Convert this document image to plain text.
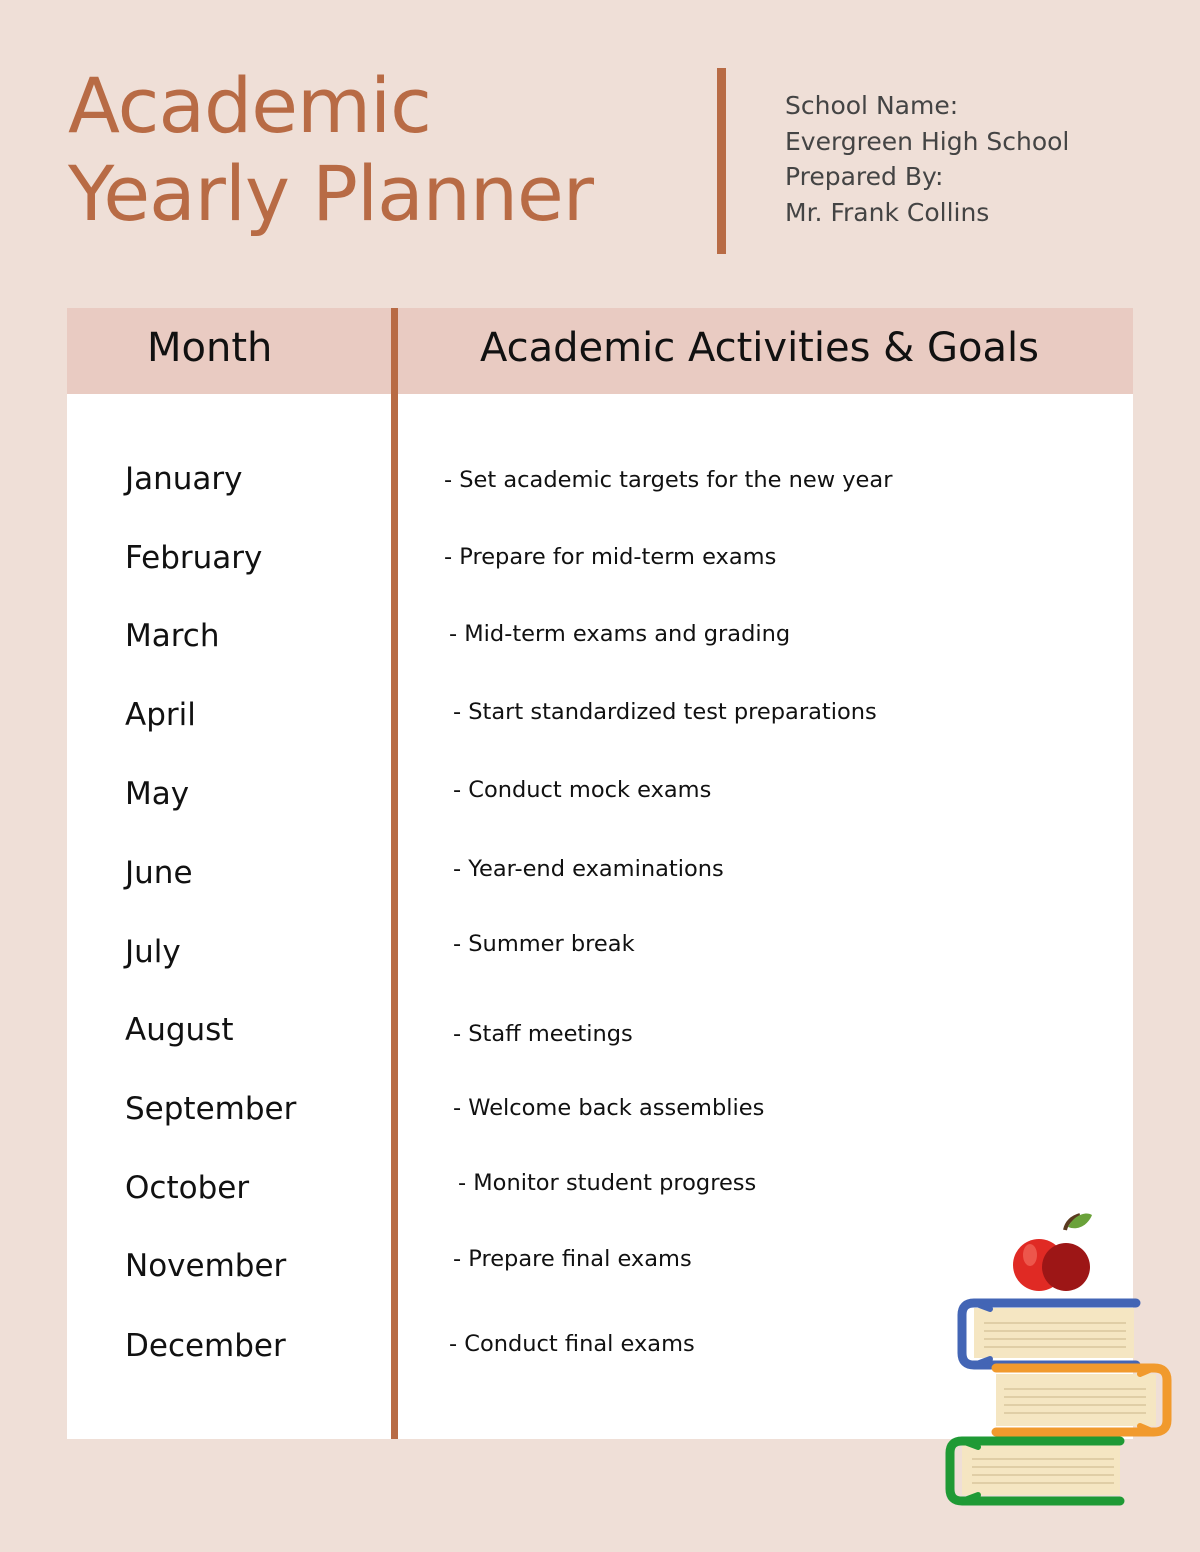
Academic
Yearly Planner
School Name:
Evergreen High School
Prepared By:
Mr. Frank Collins
Month	Academic Activities & Goals
January	- Set academic targets for the new year
February	- Prepare for mid-term exams
March	- Mid-term exams and grading
April	- Start standardized test preparations
May	- Conduct mock exams
June	- Year-end examinations
July	- Summer break
August	- Staff meetings
September	- Welcome back assemblies
October	- Monitor student progress
November	- Prepare final exams
December	- Conduct final exams
